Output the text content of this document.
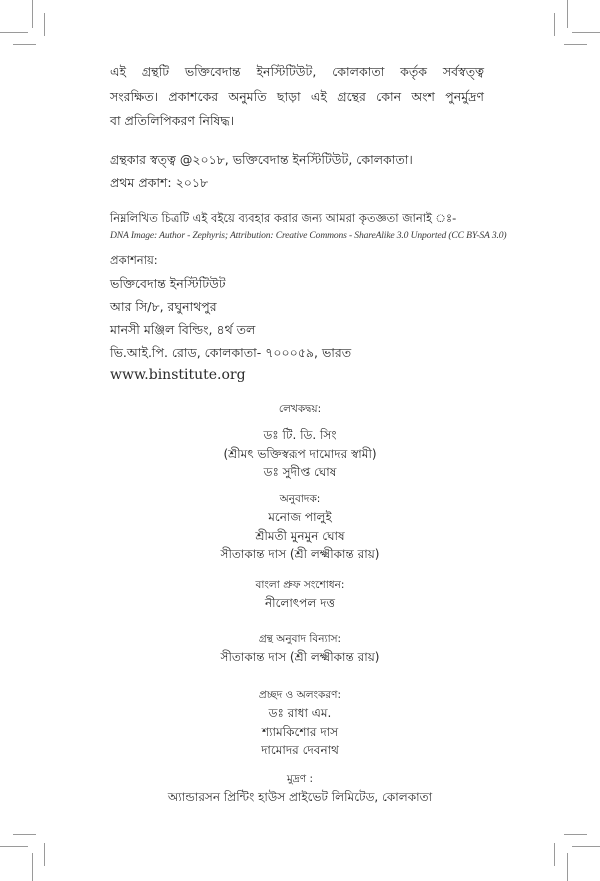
এই গ্রন্থটি ভক্তিবেদান্ত ইনস্টিটিউট, কোলকাতা কর্তৃক সর্বস্বত্ত্ব

সংরক্ষিত। প্রকাশকের অনুমতি ছাড়া এই গ্রন্থের কোন অংশ পুনর্মুদ্রণ

বা প্রতিলিপিকরণ নিষিদ্ধ।

গ্রন্থকার স্বত্ত্ব @২০১৮, ভক্তিবেদান্ত ইনস্টিটিউট, কোলকাতা।

প্রথম প্রকাশ: ২০১৮

নিম্নলিখিত চিত্রটি এই বইয়ে ব্যবহার করার জন্য আমরা কৃতজ্ঞতা জানাই ঃ-

DNA Image: Author - Zephyris; Attribution: Creative Commons - ShareAlike 3.0 Unported (CC BY-SA 3.0)

প্রকাশনায়:

ভক্তিবেদান্ত ইনস্টিটিউট

আর সি/৮, রঘুনাথপুর

মানসী মঞ্জিল বিল্ডিং, ৪র্থ তল

ভি.আই.পি. রোড, কোলকাতা- ৭০০০৫৯, ভারত

www.binstitute.org

লেখকদ্বয়:

ডঃ টি. ডি. সিং

(শ্রীমৎ ভক্তিস্বরূপ দামোদর স্বামী)

ডঃ সুদীপ্ত ঘোষ

অনুবাদক:

মনোজ পালুই

শ্রীমতী মুনমুন ঘোষ

সীতাকান্ত দাস (শ্রী লক্ষ্মীকান্ত রায়)

বাংলা প্রুফ সংশোধন:

নীলোৎপল দত্ত

গ্রন্থ অনুবাদ বিন্যাস:

সীতাকান্ত দাস (শ্রী লক্ষ্মীকান্ত রায়)

প্রচ্ছদ ও অলংকরণ:

ডঃ রাধা এম.

শ্যামকিশোর দাস

দামোদর দেবনাথ

মুদ্রণ :

অ্যান্ডারসন প্রিন্টিং হাউস প্রাইভেট লিমিটেড, কোলকাতা
